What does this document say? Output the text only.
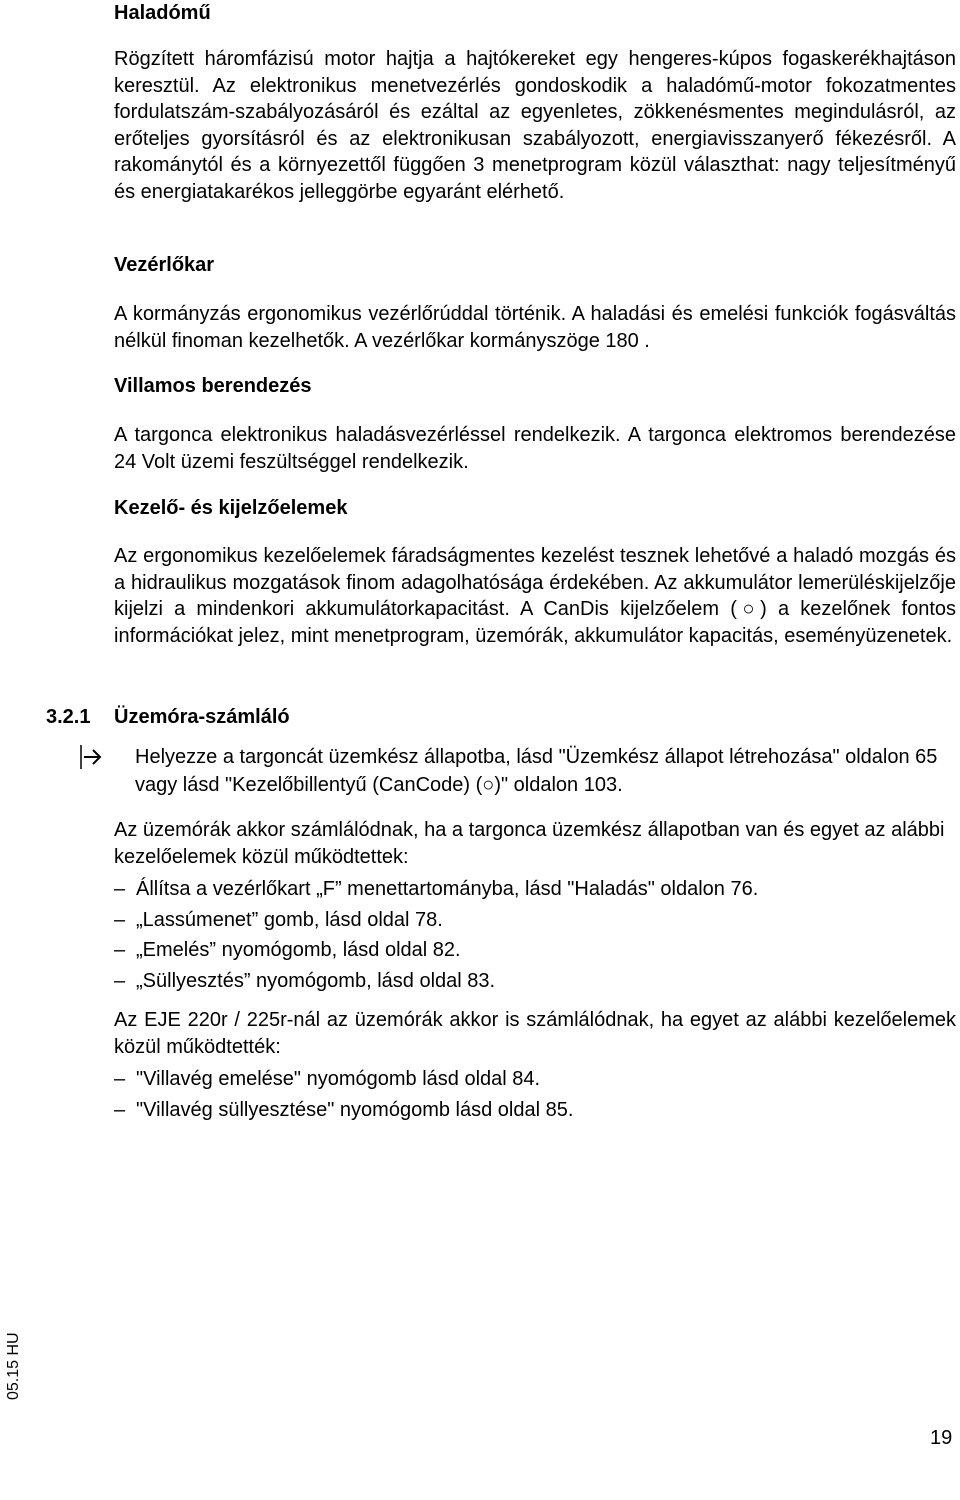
Haladómű

Rögzített háromfázisú motor hajtja a hajtókereket egy hengeres-kúpos fogaskerékhajtáson keresztül. Az elektronikus menetvezérlés gondoskodik a haladómű-motor fokozatmentes fordulatszám-szabályozásáról és ezáltal az egyenletes, zökkenésmentes megindulásról, az erőteljes gyorsításról és az elektronikusan szabályozott, energiavisszanyerő fékezésről. A rakománytól és a környezettől függően 3 menetprogram közül választhat: nagy teljesítményű és energiatakarékos jelleggörbe egyaránt elérhető.

Vezérlőkar

A kormányzás ergonomikus vezérlőrúddal történik. A haladási és emelési funkciók fogásváltás nélkül finoman kezelhetők. A vezérlőkar kormányszöge 180 .

Villamos berendezés

A targonca elektronikus haladásvezérléssel rendelkezik. A targonca elektromos berendezése 24 Volt üzemi feszültséggel rendelkezik.

Kezelő- és kijelzőelemek

Az ergonomikus kezelőelemek fáradságmentes kezelést tesznek lehetővé a haladó mozgás és a hidraulikus mozgatások finom adagolhatósága érdekében. Az akkumulátor lemerüléskijelzője kijelzi a mindenkori akkumulátorkapacitást. A CanDis kijelzőelem (○) a kezelőnek fontos információkat jelez, mint menetprogram, üzemórák, akkumulátor kapacitás, eseményüzenetek.

3.2.1 Üzemóra-számláló

Helyezze a targoncát üzemkész állapotba, lásd "Üzemkész állapot létrehozása" oldalon 65 vagy lásd "Kezelőbillentyű (CanCode) (○)" oldalon 103.

Az üzemórák akkor számlálódnak, ha a targonca üzemkész állapotban van és egyet az alábbi kezelőelemek közül működtettek:

– Állítsa a vezérlőkart „F” menettartományba, lásd "Haladás" oldalon 76.
– „Lassúmenet” gomb, lásd oldal 78.
– „Emelés” nyomógomb, lásd oldal 82.
– „Süllyesztés” nyomógomb, lásd oldal 83.

Az EJE 220r / 225r-nál az üzemórák akkor is számlálódnak, ha egyet az alábbi kezelőelemek közül működtették:

– "Villavég emelése" nyomógomb lásd oldal 84.
– "Villavég süllyesztése" nyomógomb lásd oldal 85.
05.15 HU
19
